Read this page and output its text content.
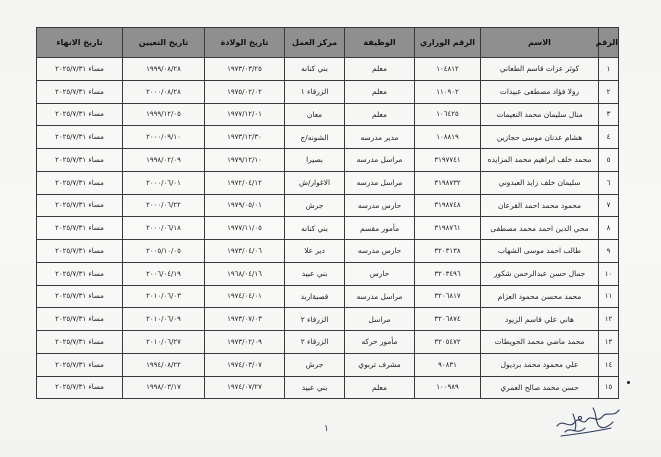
الرقم	الاسم	الرقم الوزاري	الوظيفة	مركز العمل	تاريخ الولادة	تاريخ التعيين	تاريخ الانهاء
١	كوثر عزات قاسم الطعاني	١٠٤٨١٢	معلم	بني كنانه	١٩٧٣/٠٣/٢٥	١٩٩٩/٠٨/٢٨	مساء ٢٠٢٥/٧/٣١
٢	رولا فؤاد مصطفى عبيدات	١١٠٩٠٢	معلم	الزرقاء ١	١٩٧٥/٠٢/٠٢	٢٠٠٠/٠٨/٢٨	مساء ٢٠٢٥/٧/٣١
٣	منال سليمان محمد النعيمات	١٠٦٤٢٥	معلم	معان	١٩٧٧/١٢/٠١	١٩٩٩/١٢/٠٥	مساء ٢٠٢٥/٧/٣١
٤	هشام عدنان موسى حجازين	١٠٨٨١٩	مدير مدرسه	الشونه/ج	١٩٧٣/١٢/٣٠	٢٠٠٠/٠٩/١٠	مساء ٢٠٢٥/٧/٣١
٥	محمد خلف ابراهيم محمد المزايده	٣١٩٧٧٤١	مراسل مدرسه	بصيرا	١٩٧٩/١٢/١٠	١٩٩٨/٠٢/٠٩	مساء ٢٠٢٥/٧/٣١
٦	سليمان خلف زايد العبدوني	٣١٩٨٧٣٢	مراسل مدرسه	الاغوار/ش	١٩٧٢/٠٤/١٢	٢٠٠٠/٠٦/٠١	مساء ٢٠٢٥/٧/٣١
٧	محمود محمد احمد القرعان	٣١٩٨٧٤٨	حارس مدرسه	جرش	١٩٧٩/٠٥/٠١	٢٠٠٠/٠٦/٢٢	مساء ٢٠٢٥/٧/٣١
٨	محي الدين احمد محمد مصطفى	٣١٩٨٧٦١	مأمور مقسم	بني كنانه	١٩٧٧/١١/٠٥	٢٠٠٠/٠٦/١٨	مساء ٢٠٢٥/٧/٣١
٩	طالب احمد موسى الشهاب	٣٢٠٣١٣٨	حارس مدرسه	دير علا	١٩٧٣/٠٤/٠٦	٢٠٠٥/١٠/٠٥	مساء ٢٠٢٥/٧/٣١
١٠	جمال حسن عبدالرحمن شكور	٣٢٠٣٤٩٦	حارس	بني عبيد	١٩٦٨/٠٤/١٦	٢٠٠٦/٠٤/١٩	مساء ٢٠٢٥/٧/٣١
١١	محمد محسن محمود العزام	٣٢٠٦٨١٧	مراسل مدرسه	قصبةاربد	١٩٧٤/٠٤/٠١	٢٠١٠/٠٦/٠٣	مساء ٢٠٢٥/٧/٣١
١٢	هاني علي قاسم الزيود	٣٢٠٦٨٧٤	مراسل	الزرقاء ٢	١٩٧٣/٠٧/٠٣	٢٠١٠/٠٦/٠٩	مساء ٢٠٢٥/٧/٣١
١٣	محمد ماضي محمد الحويطات	٣٢٠٥٤٧٢	مأمور حركه	الزرقاء ٢	١٩٧٣/٠٢/٠٩	٢٠١٠/٠٦/٢٧	مساء ٢٠٢٥/٧/٣١
١٤	علي محمود محمد برديول	٩٠٨٣١	مشرف تربوي	جرش	١٩٧٤/٠٣/٠٧	١٩٩٤/٠٨/٢٢	مساء ٢٠٢٥/٧/٣١
١٥	حسن محمد صالح العمري	١٠٠٩٨٩	معلم	بني عبيد	١٩٧٤/٠٧/٢٧	١٩٩٨/٠٣/١٧	مساء ٢٠٢٥/٧/٣١
١
